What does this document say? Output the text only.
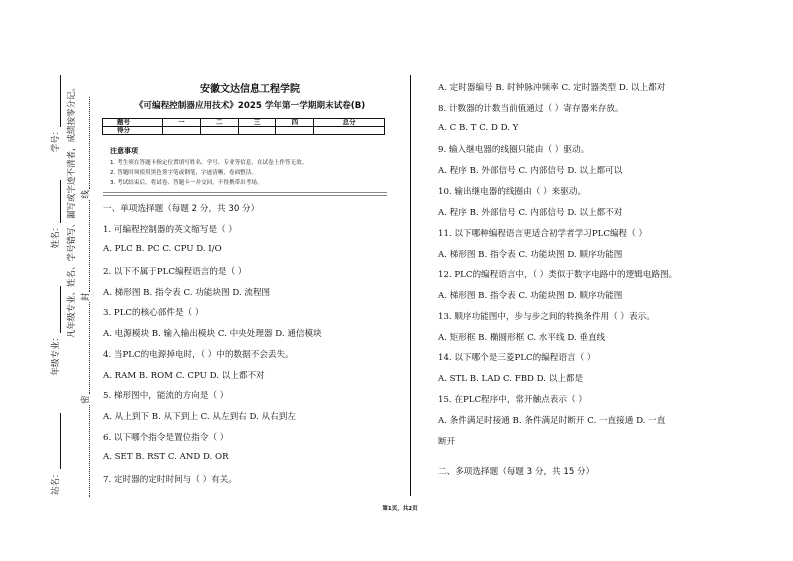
站名：
年级专业：
姓名：
学号： 凡年级专业、姓名、学号错写、漏写或字迹不清者，成绩按零分记。
密
封
线
安徽文达信息工程学院
《可编程控制器应用技术》2025 学年第一学期期末试卷(B)
题号	一	二	三	四	总分
得分					
注意事项
1. 考生须在答题卡指定位置填写姓名、学号、专业等信息，在试卷上作答无效。
2. 答题时须使用黑色签字笔或钢笔，字迹清晰，卷面整洁。
3. 考试结束后，将试卷、答题卡一并交回，不得携带出考场。
一、单项选择题（每题 2 分，共 30 分）
1. 可编程控制器的英文缩写是（ ）
A. PLC B. PC C. CPU D. I/O
2. 以下不属于PLC编程语言的是（ ）
A. 梯形图 B. 指令表 C. 功能块图 D. 流程图
3. PLC的核心部件是（ ）
A. 电源模块 B. 输入输出模块 C. 中央处理器 D. 通信模块
4. 当PLC的电源掉电时，（ ）中的数据不会丢失。
A. RAM B. ROM C. CPU D. 以上都不对
5. 梯形图中，能流的方向是（ ）
A. 从上到下 B. 从下到上 C. 从左到右 D. 从右到左
6. 以下哪个指令是置位指令（ ）
A. SET B. RST C. AND D. OR
7. 定时器的定时时间与（ ）有关。
A. 定时器编号 B. 时钟脉冲频率 C. 定时器类型 D. 以上都对
8. 计数器的计数当前值通过（ ）寄存器来存放。
A. C B. T C. D D. Y
9. 输入继电器的线圈只能由（ ）驱动。
A. 程序 B. 外部信号 C. 内部信号 D. 以上都可以
10. 输出继电器的线圈由（ ）来驱动。
A. 程序 B. 外部信号 C. 内部信号 D. 以上都不对
11. 以下哪种编程语言更适合初学者学习PLC编程（ ）
A. 梯形图 B. 指令表 C. 功能块图 D. 顺序功能图
12. PLC的编程语言中，（ ）类似于数字电路中的逻辑电路图。
A. 梯形图 B. 指令表 C. 功能块图 D. 顺序功能图
13. 顺序功能图中，步与步之间的转换条件用（ ）表示。
A. 矩形框 B. 椭圆形框 C. 水平线 D. 垂直线
14. 以下哪个是三菱PLC的编程语言（ ）
A. STL B. LAD C. FBD D. 以上都是
15. 在PLC程序中，常开触点表示（ ）
A. 条件满足时接通 B. 条件满足时断开 C. 一直接通 D. 一直
断开
二、多项选择题（每题 3 分，共 15 分）
第1页，共2页
